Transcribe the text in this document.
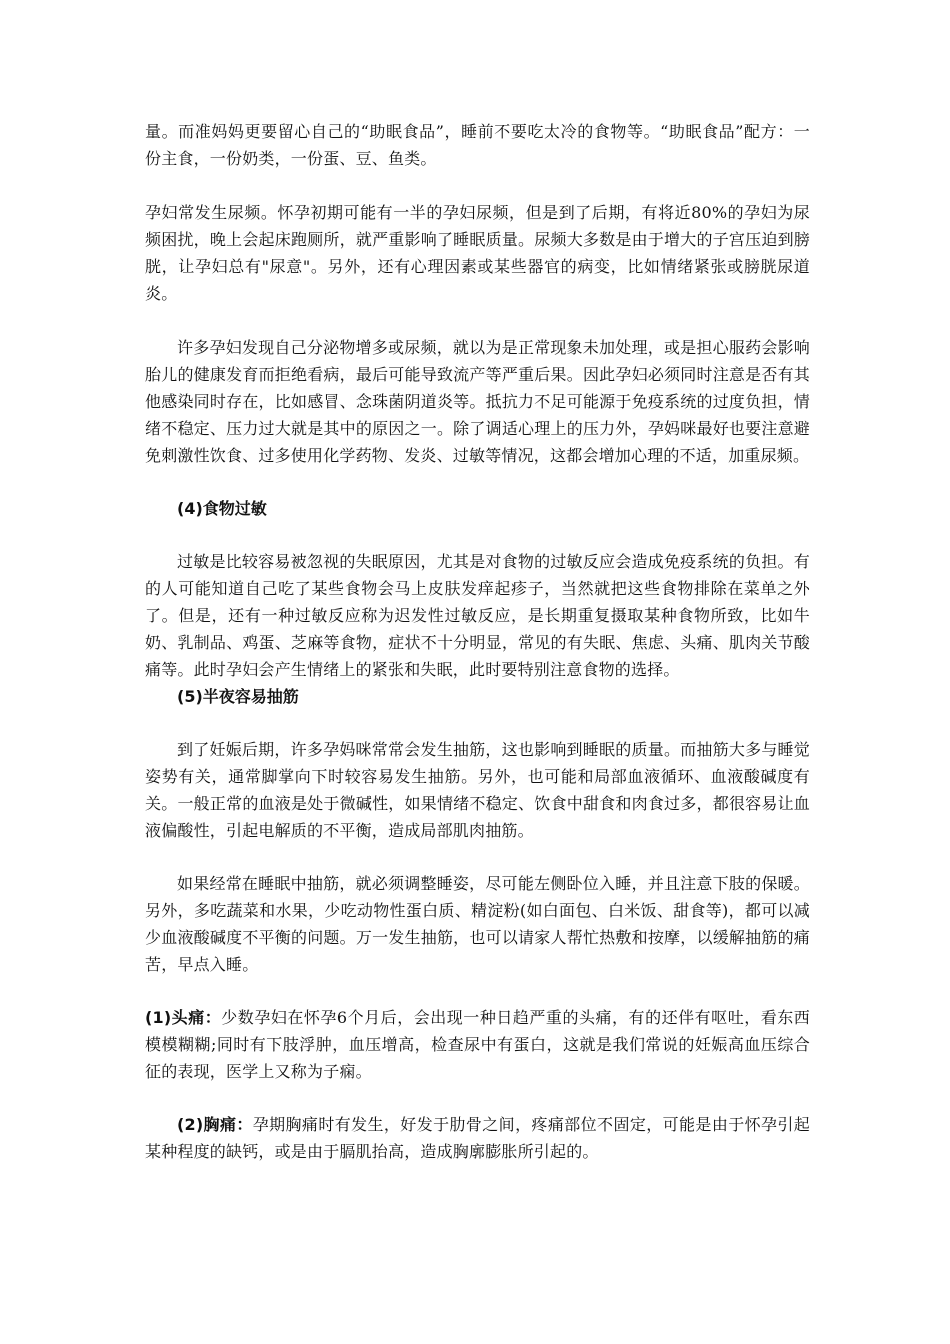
量。而准妈妈更要留心自己的“助眠食品”，睡前不要吃太冷的食物等。“助眠食品”配方：一份主食，一份奶类，一份蛋、豆、鱼类。

孕妇常发生尿频。怀孕初期可能有一半的孕妇尿频，但是到了后期，有将近80%的孕妇为尿频困扰，晚上会起床跑厕所，就严重影响了睡眠质量。尿频大多数是由于增大的子宫压迫到膀胱，让孕妇总有"尿意"。另外，还有心理因素或某些器官的病变，比如情绪紧张或膀胱尿道炎。

许多孕妇发现自己分泌物增多或尿频，就以为是正常现象未加处理，或是担心服药会影响胎儿的健康发育而拒绝看病，最后可能导致流产等严重后果。因此孕妇必须同时注意是否有其他感染同时存在，比如感冒、念珠菌阴道炎等。抵抗力不足可能源于免疫系统的过度负担，情绪不稳定、压力过大就是其中的原因之一。除了调适心理上的压力外，孕妈咪最好也要注意避免刺激性饮食、过多使用化学药物、发炎、过敏等情况，这都会增加心理的不适，加重尿频。

(4)食物过敏

过敏是比较容易被忽视的失眠原因，尤其是对食物的过敏反应会造成免疫系统的负担。有的人可能知道自己吃了某些食物会马上皮肤发痒起疹子，当然就把这些食物排除在菜单之外了。但是，还有一种过敏反应称为迟发性过敏反应，是长期重复摄取某种食物所致，比如牛奶、乳制品、鸡蛋、芝麻等食物，症状不十分明显，常见的有失眠、焦虑、头痛、肌肉关节酸痛等。此时孕妇会产生情绪上的紧张和失眠，此时要特别注意食物的选择。

(5)半夜容易抽筋

到了妊娠后期，许多孕妈咪常常会发生抽筋，这也影响到睡眠的质量。而抽筋大多与睡觉姿势有关，通常脚掌向下时较容易发生抽筋。另外，也可能和局部血液循环、血液酸碱度有关。一般正常的血液是处于微碱性，如果情绪不稳定、饮食中甜食和肉食过多，都很容易让血液偏酸性，引起电解质的不平衡，造成局部肌肉抽筋。

如果经常在睡眠中抽筋，就必须调整睡姿，尽可能左侧卧位入睡，并且注意下肢的保暖。另外，多吃蔬菜和水果，少吃动物性蛋白质、精淀粉(如白面包、白米饭、甜食等)，都可以减少血液酸碱度不平衡的问题。万一发生抽筋，也可以请家人帮忙热敷和按摩，以缓解抽筋的痛苦，早点入睡。

(1)头痛：少数孕妇在怀孕6个月后，会出现一种日趋严重的头痛，有的还伴有呕吐，看东西模模糊糊;同时有下肢浮肿，血压增高，检查尿中有蛋白，这就是我们常说的妊娠高血压综合征的表现，医学上又称为子痫。

(2)胸痛：孕期胸痛时有发生，好发于肋骨之间，疼痛部位不固定，可能是由于怀孕引起某种程度的缺钙，或是由于膈肌抬高，造成胸廓膨胀所引起的。
